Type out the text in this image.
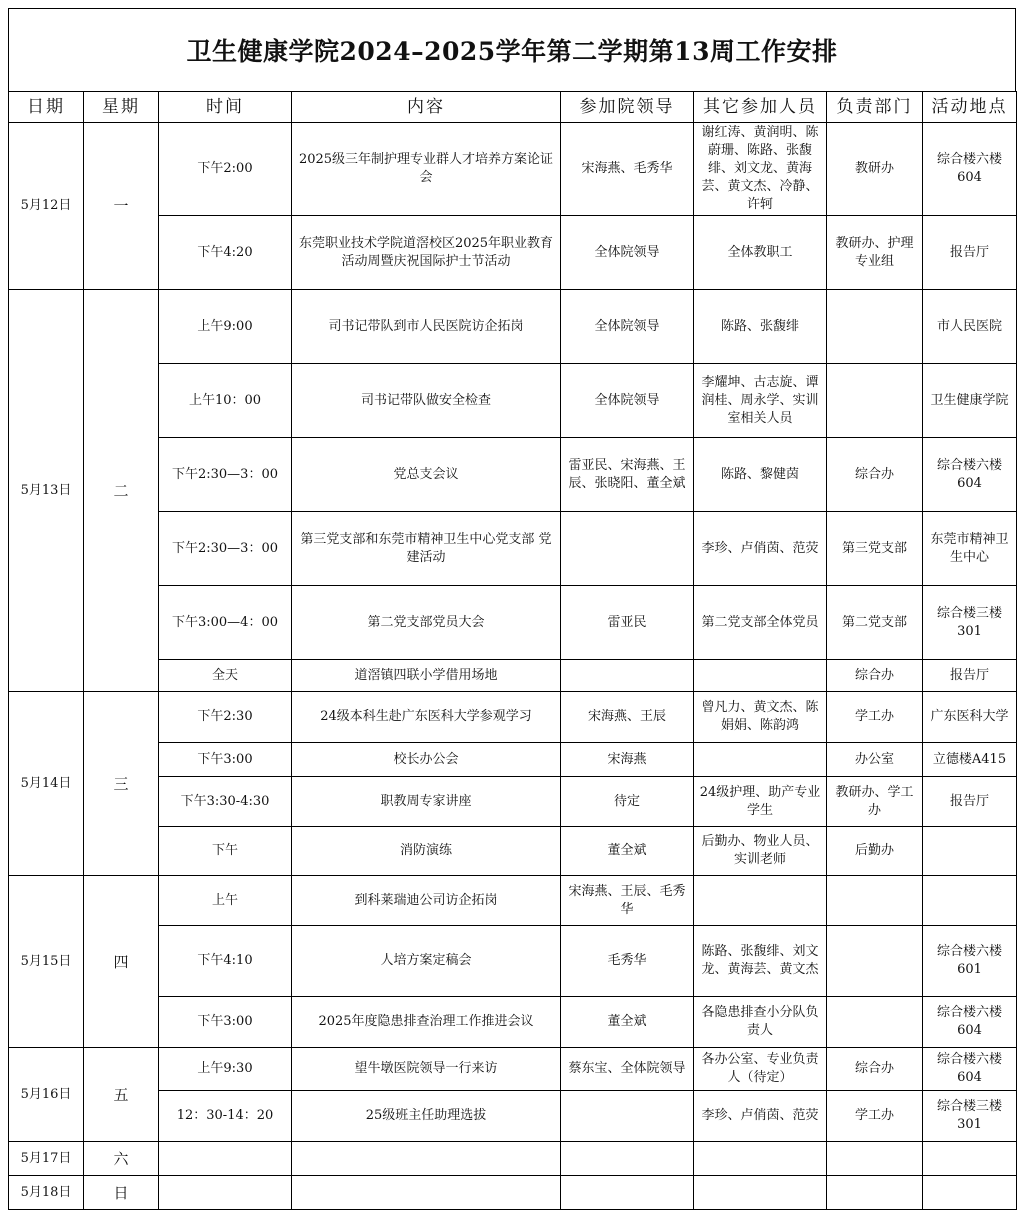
卫生健康学院2024–2025学年第二学期第13周工作安排
日期	星期	时间	内容	参加院领导	其它参加人员	负责部门	活动地点
5月12日	一	下午2:00	2025级三年制护理专业群人才培养方案论证会	宋海燕、毛秀华	谢红涛、黄润明、陈蔚珊、陈路、张馥绯、刘文龙、黄海芸、黄文杰、冷静、许轲	教研办	综合楼六楼604
		下午4:20	东莞职业技术学院道滘校区2025年职业教育活动周暨庆祝国际护士节活动	全体院领导	全体教职工	教研办、护理专业组	报告厅
5月13日	二	上午9:00	司书记带队到市人民医院访企拓岗	全体院领导	陈路、张馥绯		市人民医院
		上午10：00	司书记带队做安全检查	全体院领导	李耀坤、古志旋、谭润桂、周永学、实训室相关人员		卫生健康学院
		下午2:30—3：00	党总支会议	雷亚民、宋海燕、王辰、张晓阳、董全斌	陈路、黎健茵	综合办	综合楼六楼604
		下午2:30—3：00	第三党支部和东莞市精神卫生中心党支部 党建活动		李珍、卢俏茵、范荧	第三党支部	东莞市精神卫生中心
		下午3:00—4：00	第二党支部党员大会	雷亚民	第二党支部全体党员	第二党支部	综合楼三楼301
		全天	道滘镇四联小学借用场地			综合办	报告厅
5月14日	三	下午2:30	24级本科生赴广东医科大学参观学习	宋海燕、王辰	曾凡力、黄文杰、陈娟娟、陈韵鸿	学工办	广东医科大学
		下午3:00	校长办公会	宋海燕		办公室	立德楼A415
		下午3:30-4:30	职教周专家讲座	待定	24级护理、助产专业学生	教研办、学工办	报告厅
		下午	消防演练	董全斌	后勤办、物业人员、实训老师	后勤办	
5月15日	四	上午	到科莱瑞迪公司访企拓岗	宋海燕、王辰、毛秀华			
		下午4:10	人培方案定稿会	毛秀华	陈路、张馥绯、刘文龙、黄海芸、黄文杰		综合楼六楼601
		下午3:00	2025年度隐患排查治理工作推进会议	董全斌	各隐患排查小分队负责人		综合楼六楼604
5月16日	五	上午9:30	望牛墩医院领导一行来访	蔡东宝、全体院领导	各办公室、专业负责人（待定）	综合办	综合楼六楼604
		12：30-14：20	25级班主任助理选拔		李珍、卢俏茵、范荧	学工办	综合楼三楼301
5月17日	六						
5月18日	日						
